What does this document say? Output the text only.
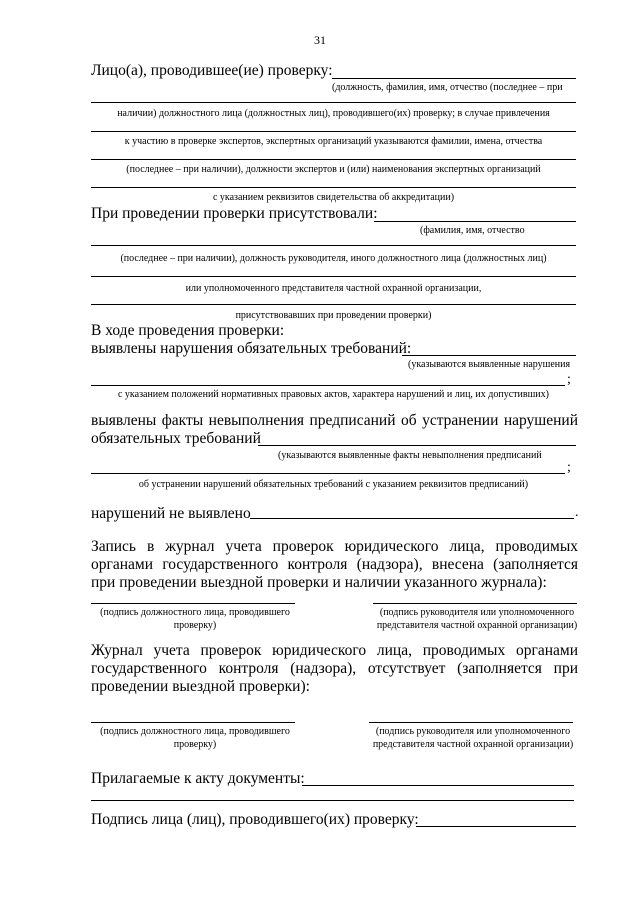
31
Лицо(а), проводившее(ие) проверку:
(должность, фамилия, имя, отчество (последнее – при
наличии) должностного лица (должностных лиц), проводившего(их) проверку; в случае привлечения
к участию в проверке экспертов, экспертных организаций указываются фамилии, имена, отчества
(последнее – при наличии), должности экспертов и (или) наименования экспертных организаций
с указанием реквизитов свидетельства об аккредитации)
При проведении проверки присутствовали:
(фамилия, имя, отчество
(последнее – при наличии), должность руководителя, иного должностного лица (должностных лиц)
или уполномоченного представителя частной охранной организации,
присутствовавших при проведении проверки)
В ходе проведения проверки:
выявлены нарушения обязательных требований:
(указываются выявленные нарушения
;
с указанием положений нормативных правовых актов, характера нарушений и лиц, их допустивших)
выявлены факты невыполнения предписаний об устранении нарушений обязательных требований
(указываются выявленные факты невыполнения предписаний
;
об устранении нарушений обязательных требований с указанием реквизитов предписаний)
нарушений не выявлено	.
Запись в журнал учета проверок юридического лица, проводимых органами государственного контроля (надзора), внесена (заполняется при проведении выездной проверки и наличии указанного журнала):
(подпись должностного лица, проводившего проверку)
(подпись руководителя или уполномоченного представителя частной охранной организации)
Журнал учета проверок юридического лица, проводимых органами государственного контроля (надзора), отсутствует (заполняется при проведении выездной проверки):
(подпись должностного лица, проводившего проверку)
(подпись руководителя или уполномоченного представителя частной охранной организации)
Прилагаемые к акту документы:
Подпись лица (лиц), проводившего(их) проверку:
